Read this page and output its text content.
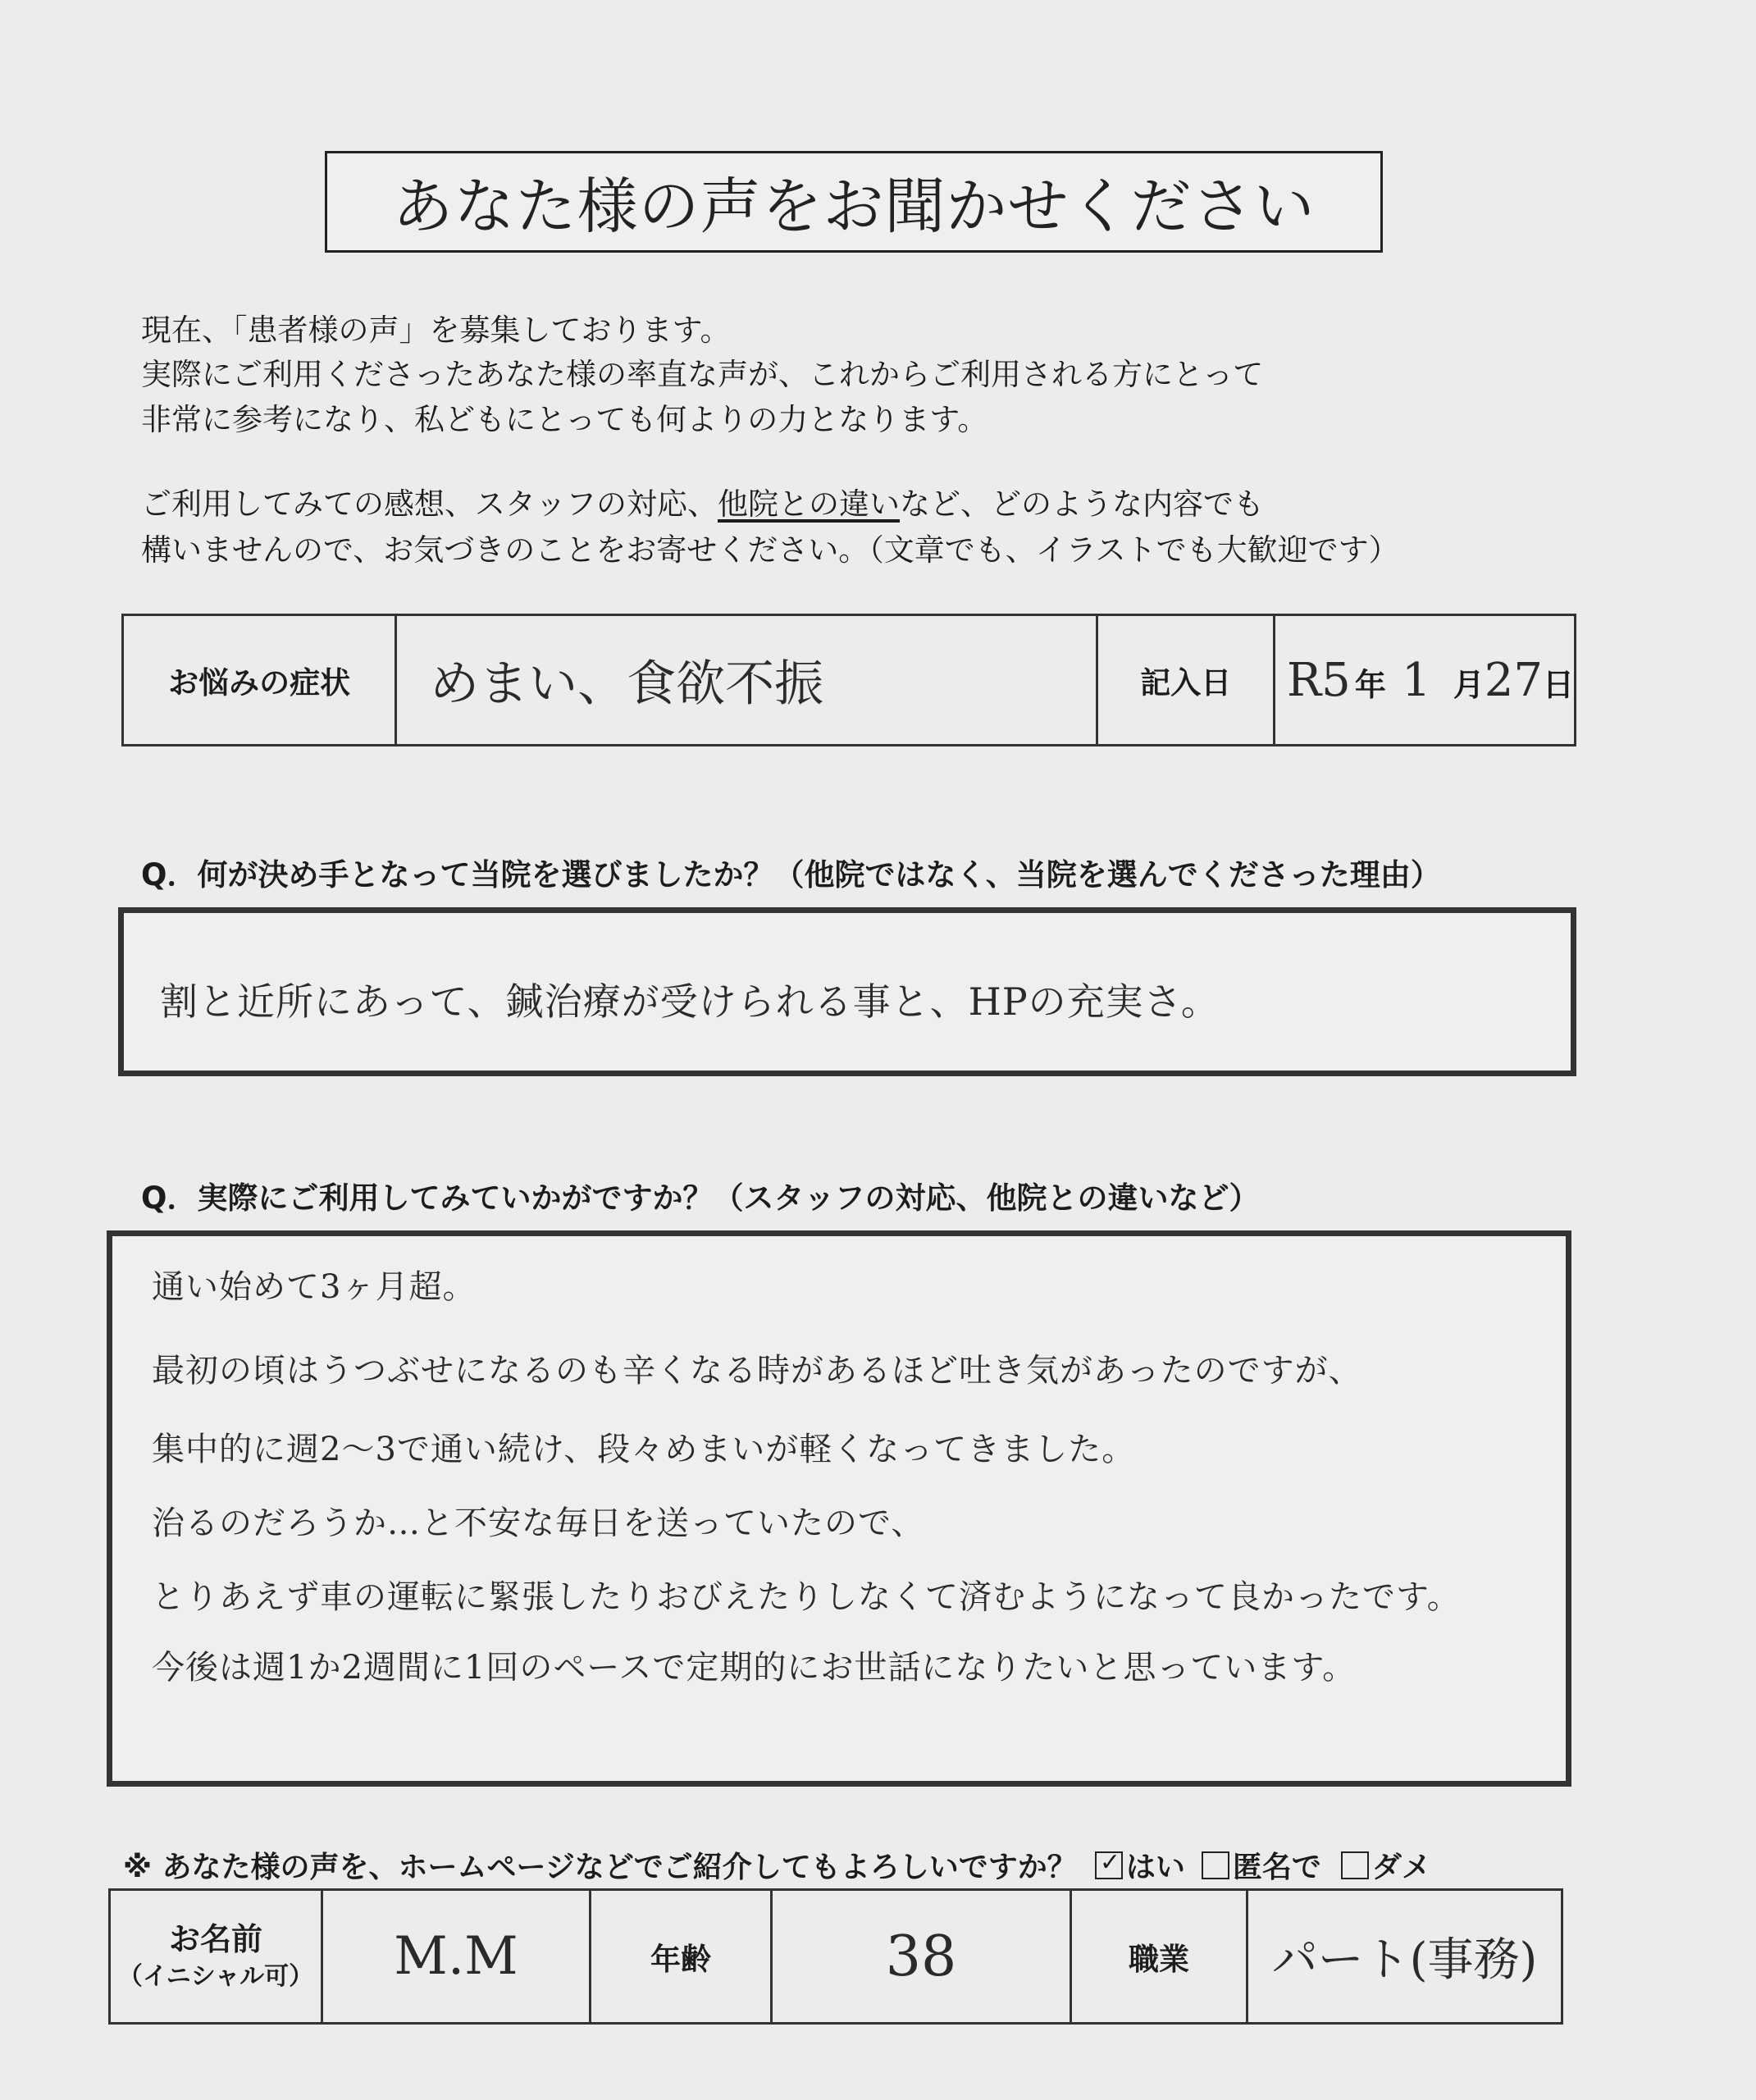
あなた様の声をお聞かせください
現在、「患者様の声」を募集しております。
実際にご利用くださったあなた様の率直な声が、これからご利用される方にとって
非常に参考になり、私どもにとっても何よりの力となります。
ご利用してみての感想、スタッフの対応、他院との違いなど、どのような内容でも
構いませんので、お気づきのことをお寄せください。（文章でも、イラストでも大歓迎です）
お悩みの症状	めまい、食欲不振	記入日	R5 年 1 月27日
Q．何が決め手となって当院を選びましたか？（他院ではなく、当院を選んでくださった理由）
割と近所にあって、鍼治療が受けられる事と、HPの充実さ。
Q．実際にご利用してみていかがですか？（スタッフの対応、他院との違いなど）
通い始めて3ヶ月超。
最初の頃はうつぶせになるのも辛くなる時があるほど吐き気があったのですが、
集中的に週2～3で通い続け、段々めまいが軽くなってきました。
治るのだろうか…と不安な毎日を送っていたので、
とりあえず車の運転に緊張したりおびえたりしなくて済むようになって良かったです。
今後は週1か2週間に1回のペースで定期的にお世話になりたいと思っています。
※ あなた様の声を、ホームページなどでご紹介してもよろしいですか？ ✓ はい 匿名で ダメ
お名前
（イニシャル可）	M.M	年齢	38	職業	パート(事務)
